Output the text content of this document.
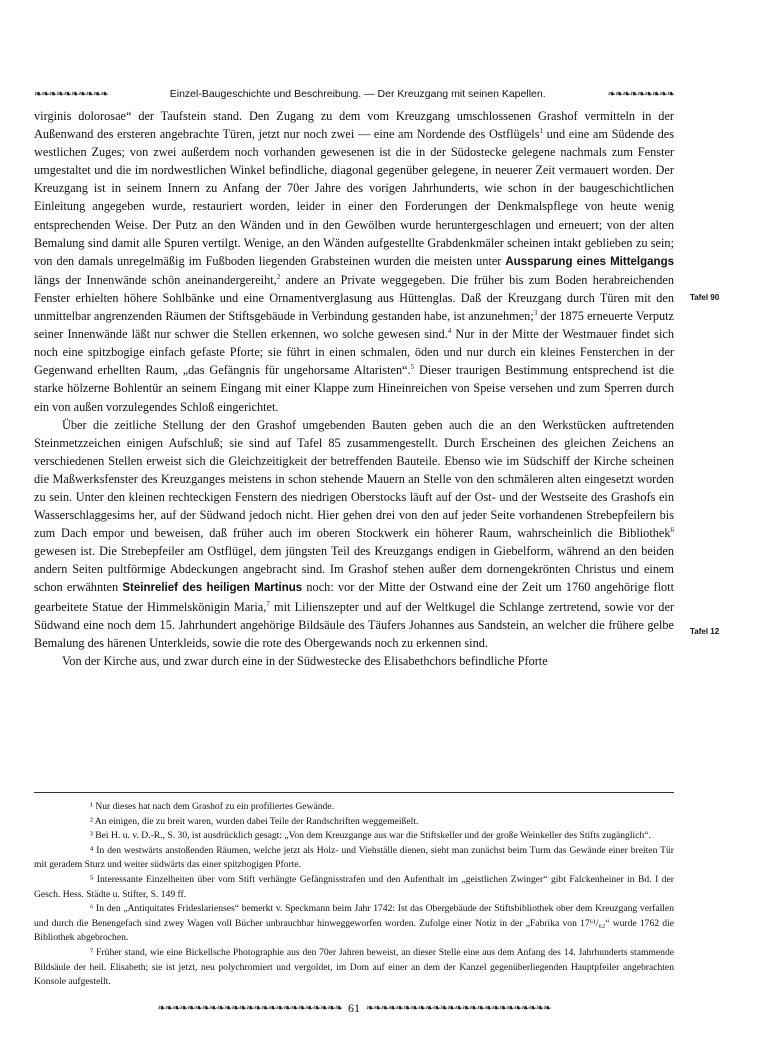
❧❧❧❧❧❧❧❧❧❧	Einzel-Baugeschichte und Beschreibung. — Der Kreuzgang mit seinen Kapellen.	❧❧❧❧❧❧❧❧❧

virginis dolorosae“ der Taufstein stand. Den Zugang zu dem vom Kreuzgang umschlossenen Grashof vermitteln in der Außenwand des ersteren angebrachte Türen, jetzt nur noch zwei — eine am Nordende des Ostflügels$^1$ und eine am Südende des westlichen Zuges; von zwei außerdem noch vorhanden gewesenen ist die in der Südostecke gelegene nachmals zum Fenster umgestaltet und die im nordwestlichen Winkel befindliche, diagonal gegenüber gelegene, in neuerer Zeit vermauert worden. Der Kreuzgang ist in seinem Innern zu Anfang der 70er Jahre des vorigen Jahrhunderts, wie schon in der baugeschichtlichen Einleitung angegeben wurde, restauriert worden, leider in einer den Forderungen der Denkmalspflege von heute wenig entsprechenden Weise. Der Putz an den Wänden und in den Gewölben wurde heruntergeschlagen und erneuert; von der alten Bemalung sind damit alle Spuren vertilgt. Wenige, an den Wänden aufgestellte Grabdenkmäler scheinen intakt geblieben zu sein; von den damals unregelmäßig im Fußboden liegenden Grabsteinen wurden die meisten unter Aussparung eines Mittelgangs längs der Innenwände schön aneinandergereiht,$^2$ andere an Private weggegeben. Die früher bis zum Boden herabreichenden Fenster erhielten höhere Sohlbänke und eine Ornamentverglasung aus Hüttenglas. Daß der Kreuzgang durch Türen mit den unmittelbar angrenzenden Räumen der Stiftsgebäude in Verbindung gestanden habe, ist anzunehmen;$^3$ der 1875 erneuerte Verputz seiner Innenwände läßt nur schwer die Stellen erkennen, wo solche gewesen sind.$^4$ Nur in der Mitte der Westmauer findet sich noch eine spitzbogige einfach gefaste Pforte; sie führt in einen schmalen, öden und nur durch ein kleines Fensterchen in der Gegenwand erhellten Raum, „das Gefängnis für ungehorsame Altaristen“.$^5$ Dieser traurigen Bestimmung entsprechend ist die starke hölzerne Bohlentür an seinem Eingang mit einer Klappe zum Hineinreichen von Speise versehen und zum Sperren durch ein von außen vorzulegendes Schloß eingerichtet.

Über die zeitliche Stellung der den Grashof umgebenden Bauten geben auch die an den Werkstücken auftretenden Steinmetzzeichen einigen Aufschluß; sie sind auf Tafel 85 zusammengestellt. Durch Erscheinen des gleichen Zeichens an verschiedenen Stellen erweist sich die Gleichzeitigkeit der betreffenden Bauteile. Ebenso wie im Südschiff der Kirche scheinen die Maßwerksfenster des Kreuzganges meistens in schon stehende Mauern an Stelle von den schmäleren alten eingesetzt worden zu sein. Unter den kleinen rechteckigen Fenstern des niedrigen Oberstocks läuft auf der Ost- und der Westseite des Grashofs ein Wasserschlaggesims her, auf der Südwand jedoch nicht. Hier gehen drei von den auf jeder Seite vorhandenen Strebepfeilern bis zum Dach empor und beweisen, daß früher auch im oberen Stockwerk ein höherer Raum, wahrscheinlich die Bibliothek$^6$ gewesen ist. Die Strebepfeiler am Ostflügel, dem jüngsten Teil des Kreuzgangs endigen in Giebelform, während an den beiden andern Seiten pultförmige Abdeckungen angebracht sind. Im Grashof stehen außer dem dornengekrönten Christus und einem schon erwähnten Steinrelief des heiligen Martinus noch: vor der Mitte der Ostwand eine der Zeit um 1760 angehörige flott gearbeitete Statue der Himmelskönigin Maria,$^7$ mit Lilienszepter und auf der Weltkugel die Schlange zertretend, sowie vor der Südwand eine noch dem 15. Jahrhundert angehörige Bildsäule des Täufers Johannes aus Sandstein, an welcher die frühere gelbe Bemalung des härenen Unterkleids, sowie die rote des Obergewands noch zu erkennen sind.

Von der Kirche aus, und zwar durch eine in der Südwestecke des Elisabethchors befindliche Pforte

Tafel 90
Tafel 12

¹ Nur dieses hat nach dem Grashof zu ein profiliertes Gewände.

² An einigen, die zu breit waren, wurden dabei Teile der Randschriften weggemeißelt.

³ Bei H. u. v. D.-R., S. 30, ist ausdrücklich gesagt: „Von dem Kreuzgange aus war die Stiftskeller und der große Weinkeller des Stifts zugänglich“.

⁴ In den westwärts anstoßenden Räumen, welche jetzt als Holz- und Viehställe dienen, sieht man zunächst beim Turm das Gewände einer breiten Tür mit geradem Sturz und weiter südwärts das einer spitzbogigen Pforte.

⁵ Interessante Einzelheiten über vom Stift verhängte Gefängnisstrafen und den Aufenthalt im „geistlichen Zwinger“ gibt Falckenheiner in Bd. I der Gesch. Hess. Städte u. Stifter, S. 149 ff.

⁶ In den „Antiquitates Frideslarienses“ bemerkt v. Speckmann beim Jahr 1742: Ist das Obergebäude der Stiftsbibliothek ober dem Kreuzgang verfallen und durch die Benengefach sind zwey Wagen voll Bücher unbrauchbar hinweggeworfen worden. Zufolge einer Notiz in der „Fabrika von 17⁶¹/₆₂“ wurde 1762 die Bibliothek abgebrochen.

⁷ Früher stand, wie eine Bickellsche Photographie aus den 70er Jahren beweist, an dieser Stelle eine aus dem Anfang des 14. Jahrhunderts stammende Bildsäule der heil. Elisabeth; sie ist jetzt, neu polychromiert und vergoldet, im Dom auf einer an dem der Kanzel gegenüberliegenden Hauptpfeiler angebrachten Konsole aufgestellt.

❧❧❧❧❧❧❧❧❧❧❧❧❧❧❧❧❧❧❧❧❧❧❧❧❧ 61 ❧❧❧❧❧❧❧❧❧❧❧❧❧❧❧❧❧❧❧❧❧❧❧❧❧
